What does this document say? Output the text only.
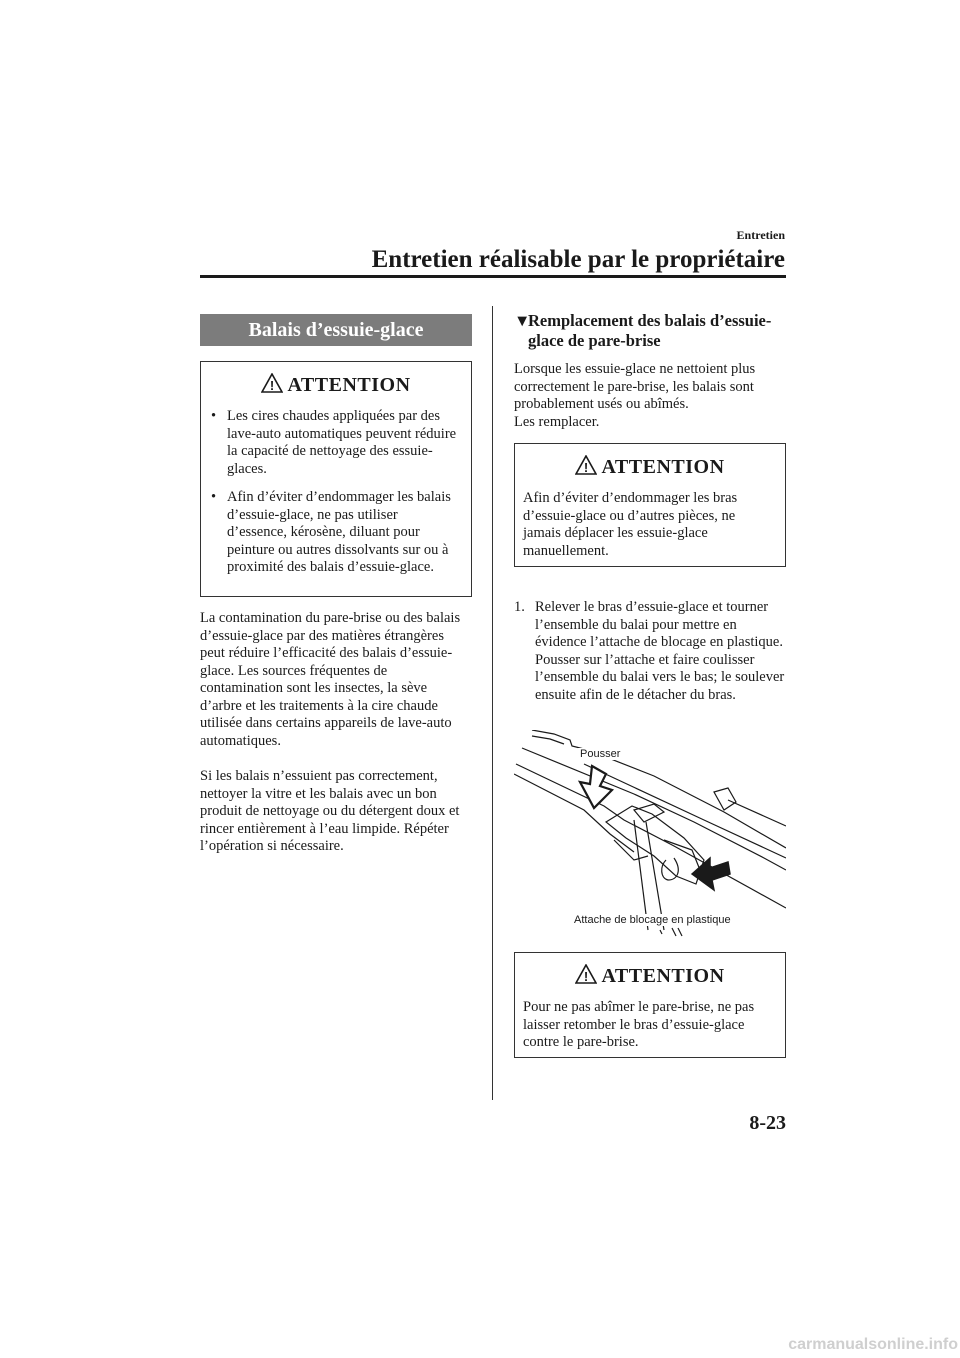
Entretien
Entretien réalisable par le propriétaire
Balais d’essuie-glace
! ATTENTION

• Les cires chaudes appliquées par des lave-auto automatiques peuvent réduire la capacité de nettoyage des essuie-glaces.

• Afin d’éviter d’endommager les balais d’essuie-glace, ne pas utiliser d’essence, kérosène, diluant pour peinture ou autres dissolvants sur ou à proximité des balais d’essuie-glace.

La contamination du pare-brise ou des balais d’essuie-glace par des matières étrangères peut réduire l’efficacité des balais d’essuie-glace. Les sources fréquentes de contamination sont les insectes, la sève d’arbre et les traitements à la cire chaude utilisée dans certains appareils de lave-auto automatiques.

Si les balais n’essuient pas correctement, nettoyer la vitre et les balais avec un bon produit de nettoyage ou du détergent doux et rincer entièrement à l’eau limpide. Répéter l’opération si nécessaire.

▼
Remplacement des balais d’essuie-glace de pare-brise

Lorsque les essuie-glace ne nettoient plus correctement le pare-brise, les balais sont probablement usés ou abîmés.

Les remplacer.

! ATTENTION

Afin d’éviter d’endommager les bras d’essuie-glace ou d’autres pièces, ne jamais déplacer les essuie-glace manuellement.

1. Relever le bras d’essuie-glace et tourner l’ensemble du balai pour mettre en évidence l’attache de blocage en plastique.

Pousser sur l’attache et faire coulisser l’ensemble du balai vers le bas; le soulever ensuite afin de le détacher du bras.

Pousser
Attache de blocage en plastique
! ATTENTION

Pour ne pas abîmer le pare-brise, ne pas laisser retomber le bras d’essuie-glace contre le pare-brise.

8-23
carmanualsonline.info
